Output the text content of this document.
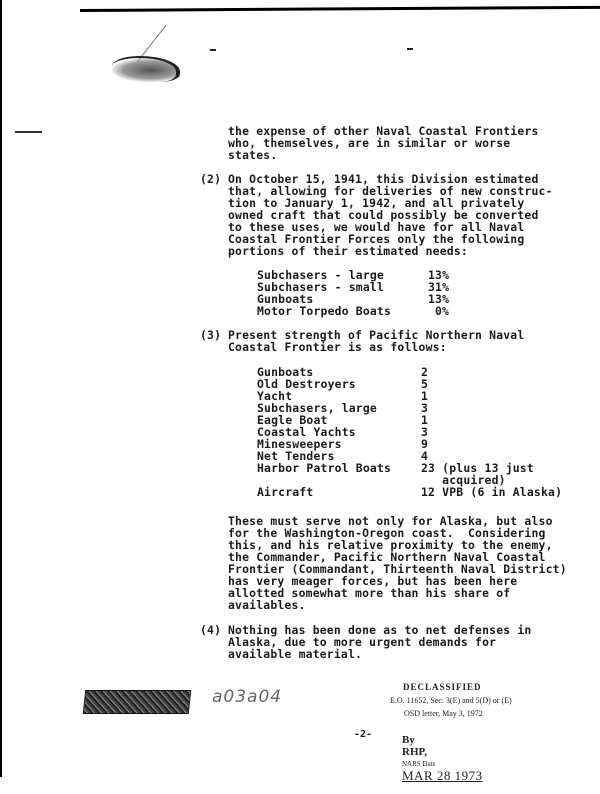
the expense of other Naval Coastal Frontiers
who, themselves, are in similar or worse
states.
(2) On October 15, 1941, this Division estimated
that, allowing for deliveries of new construc-
tion to January 1, 1942, and all privately
owned craft that could possibly be converted
to these uses, we would have for all Naval
Coastal Frontier Forces only the following
portions of their estimated needs:
Subchasers - large	13%
Subchasers - small	31%
Gunboats	13%
Motor Torpedo Boats	0%
(3) Present strength of Pacific Northern Naval
Coastal Frontier is as follows:
Gunboats	2
Old Destroyers	5
Yacht	1
Subchasers, large	3
Eagle Boat	1
Coastal Yachts	3
Minesweepers	9
Net Tenders	4
Harbor Patrol Boats	23 (plus 13 just
acquired)
Aircraft	12 VPB (6 in Alaska)
These must serve not only for Alaska, but also
for the Washington-Oregon coast.  Considering
this, and his relative proximity to the enemy,
the Commander, Pacific Northern Naval Coastal
Frontier (Commandant, Thirteenth Naval District)
has very meager forces, but has been here
allotted somewhat more than his share of
availables.
(4) Nothing has been done as to net defenses in
Alaska, due to more urgent demands for
available material.
a03a04
-2-
DECLASSIFIED
E.O. 11652, Sec. 3(E) and 5(D) or (E)
OSD letter, May 3, 1972

By
RHP,
NARS Date
MAR 28 1973
